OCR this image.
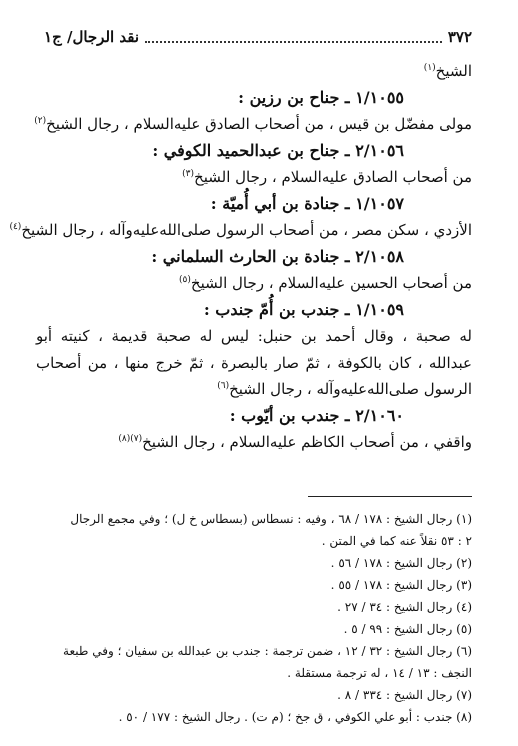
٣٧٢
نقد الرجال/ ج١
الشيخ$^{(١)}$
١/١٠٥٥ ـ جناح بن رزين :
مولى مفضّل بن قيس ، من أصحاب الصادق عليه‌السلام ، رجال الشيخ$^{(٢)}$
٢/١٠٥٦ ـ جناح بن عبدالحميد الكوفي :
من أصحاب الصادق عليه‌السلام ، رجال الشيخ$^{(٣)}$
١/١٠٥٧ ـ جنادة بن أبي أُميّة :
الأزدي ، سكن مصر ، من أصحاب الرسول صلى‌الله‌عليه‌وآله ، رجال الشيخ$^{(٤)}$
٢/١٠٥٨ ـ جنادة بن الحارث السلماني :
من أصحاب الحسين عليه‌السلام ، رجال الشيخ$^{(٥)}$
١/١٠٥٩ ـ جندب بن أُمّ جندب :
له صحبة ، وقال أحمد بن حنبل: ليس له صحبة قديمة ، كنيته أبو
عبدالله ، كان بالكوفة ، ثمّ صار بالبصرة ، ثمّ خرج منها ، من أصحاب
الرسول صلى‌الله‌عليه‌وآله ، رجال الشيخ$^{(٦)}$
٢/١٠٦٠ ـ جندب بن أيّوب :
واقفي ، من أصحاب الكاظم عليه‌السلام ، رجال الشيخ$^{(٧)(٨)}$
(١) رجال الشيخ : ١٧٨ / ٦٨ ، وفيه : نسطاس (بسطاس خ ل) ؛ وفي مجمع الرجال
٢ : ٥٣ نقلاً عنه كما في المتن .
(٢) رجال الشيخ : ١٧٨ / ٥٦ .
(٣) رجال الشيخ : ١٧٨ / ٥٥ .
(٤) رجال الشيخ : ٣٤ / ٢٧ .
(٥) رجال الشيخ : ٩٩ / ٥ .
(٦) رجال الشيخ : ٣٢ / ١٢ ، ضمن ترجمة : جندب بن عبدالله بن سفيان ؛ وفي طبعة
النجف : ١٣ / ١٤ ، له ترجمة مستقلة .
(٧) رجال الشيخ : ٣٣٤ / ٨ .
(٨) جندب : أبو علي الكوفي ، ق جخ ؛ (م ت) . رجال الشيخ : ١٧٧ / ٥٠ .
